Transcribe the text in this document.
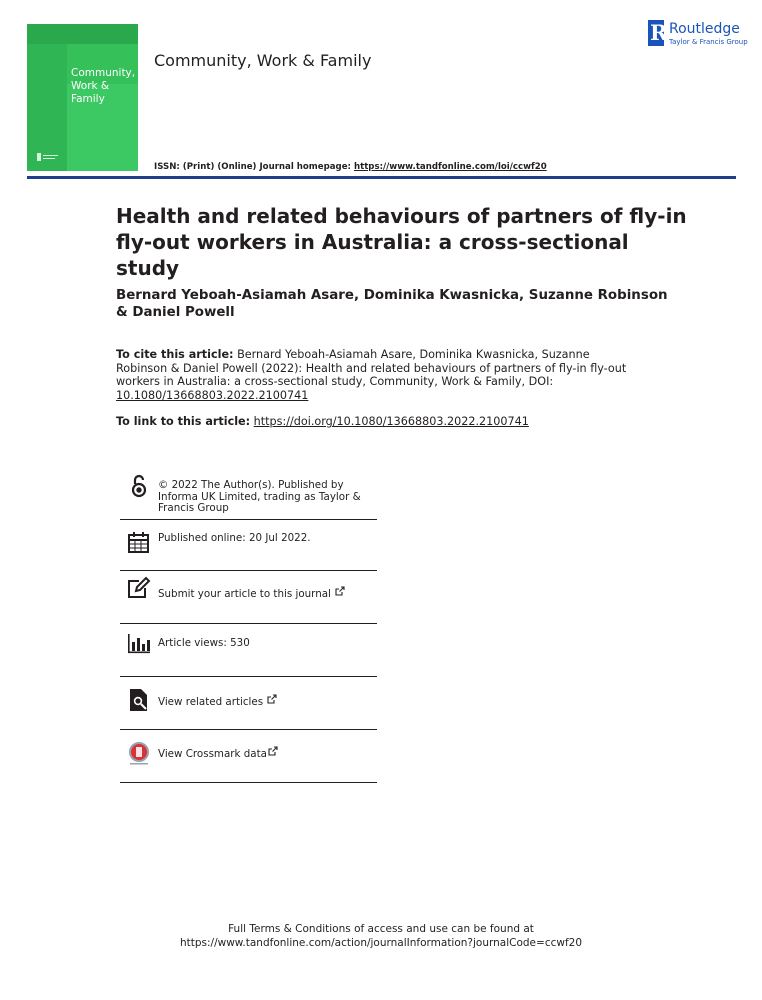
Community, Work & Family
Community, Work & Family
R Routledge
Taylor & Francis Group
ISSN: (Print) (Online) Journal homepage: https://www.tandfonline.com/loi/ccwf20
Health and related behaviours of partners of fly-in fly-out workers in Australia: a cross-sectional study
Bernard Yeboah-Asiamah Asare, Dominika Kwasnicka, Suzanne Robinson & Daniel Powell
To cite this article: Bernard Yeboah-Asiamah Asare, Dominika Kwasnicka, Suzanne Robinson & Daniel Powell (2022): Health and related behaviours of partners of fly-in fly-out workers in Australia: a cross-sectional study, Community, Work & Family, DOI: 10.1080/13668803.2022.2100741
To link to this article: https://doi.org/10.1080/13668803.2022.2100741
© 2022 The Author(s). Published by Informa UK Limited, trading as Taylor & Francis Group
Published online: 20 Jul 2022.
Submit your article to this journal
Article views: 530
View related articles
View Crossmark data
Full Terms & Conditions of access and use can be found at
https://www.tandfonline.com/action/journalInformation?journalCode=ccwf20
